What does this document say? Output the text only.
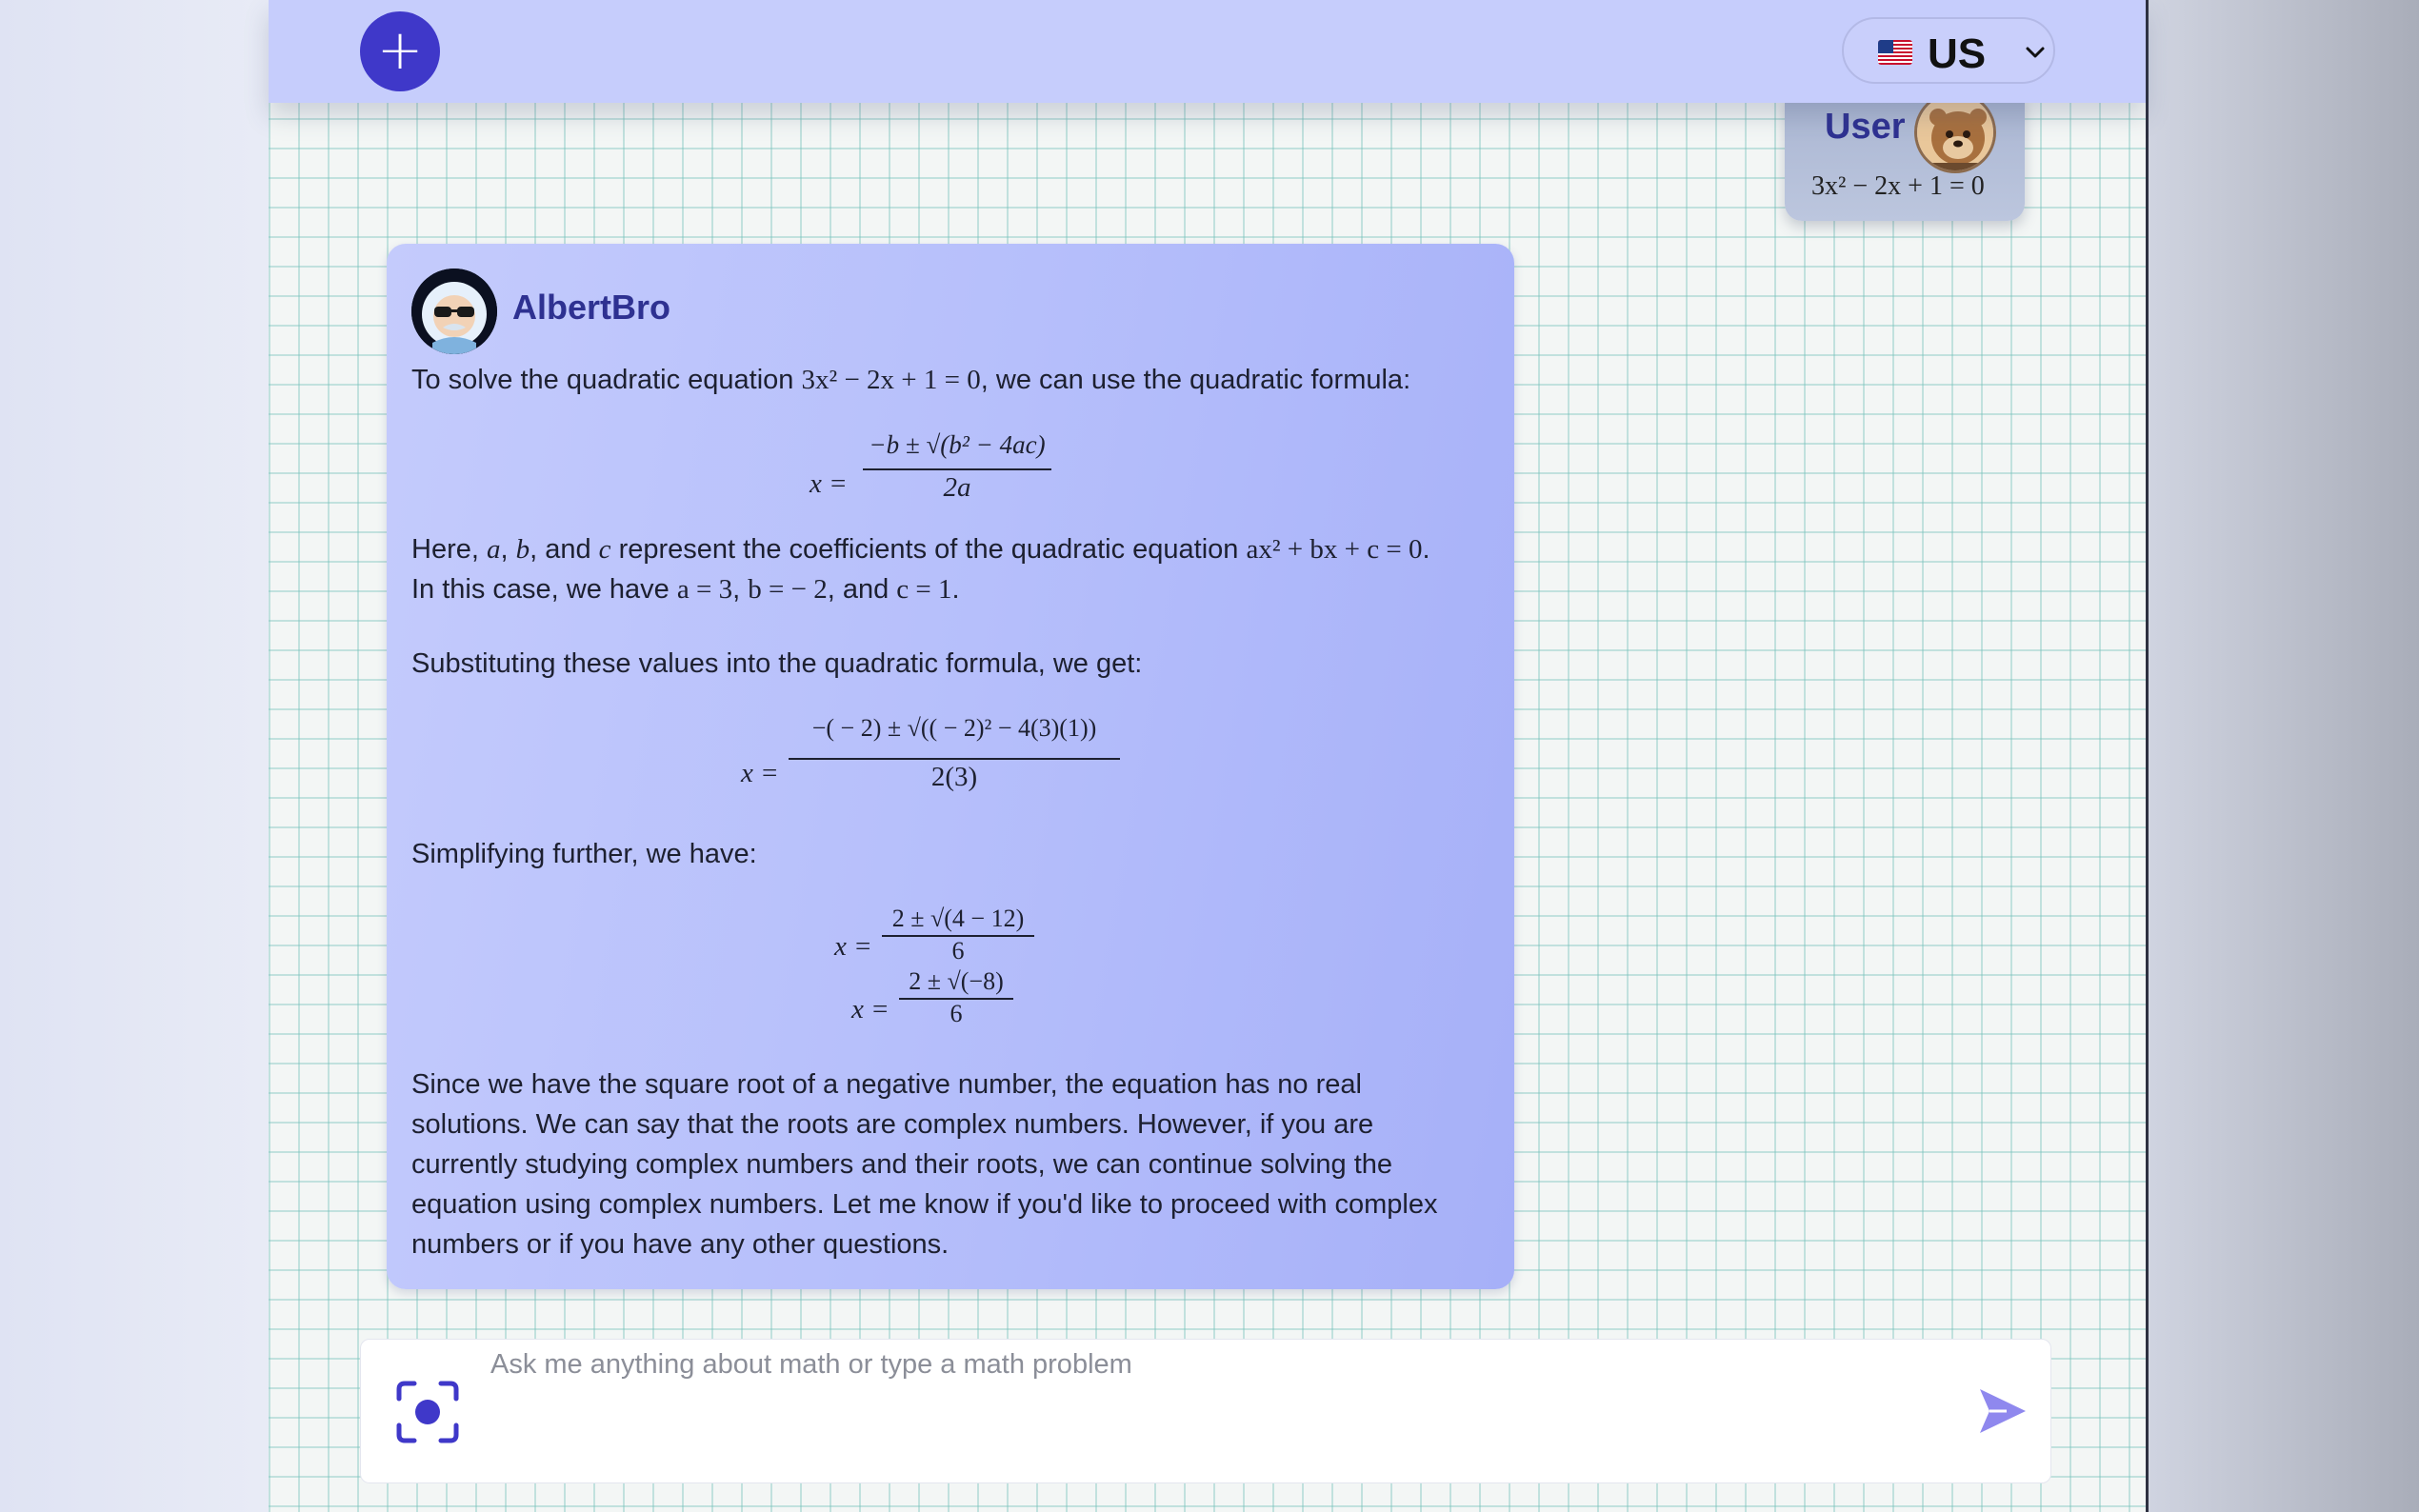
+	US
User
3x² − 2x + 1 = 0
AlbertBro
To solve the quadratic equation 3x² − 2x + 1 = 0, we can use the quadratic formula:
x =
−b ± √(b² − 4ac)
2a
Here, a, b, and c represent the coefficients of the quadratic equation ax² + bx + c = 0.
In this case, we have a = 3, b = − 2, and c = 1.
Substituting these values into the quadratic formula, we get:
x =
−( − 2) ± √(( − 2)² − 4(3)(1))
2(3)
Simplifying further, we have:
x =
2 ± √(4 − 12)
6
x =
2 ± √(−8)
6
Since we have the square root of a negative number, the equation has no real
solutions. We can say that the roots are complex numbers. However, if you are
currently studying complex numbers and their roots, we can continue solving the
equation using complex numbers. Let me know if you'd like to proceed with complex
numbers or if you have any other questions.
Ask me anything about math or type a math problem
